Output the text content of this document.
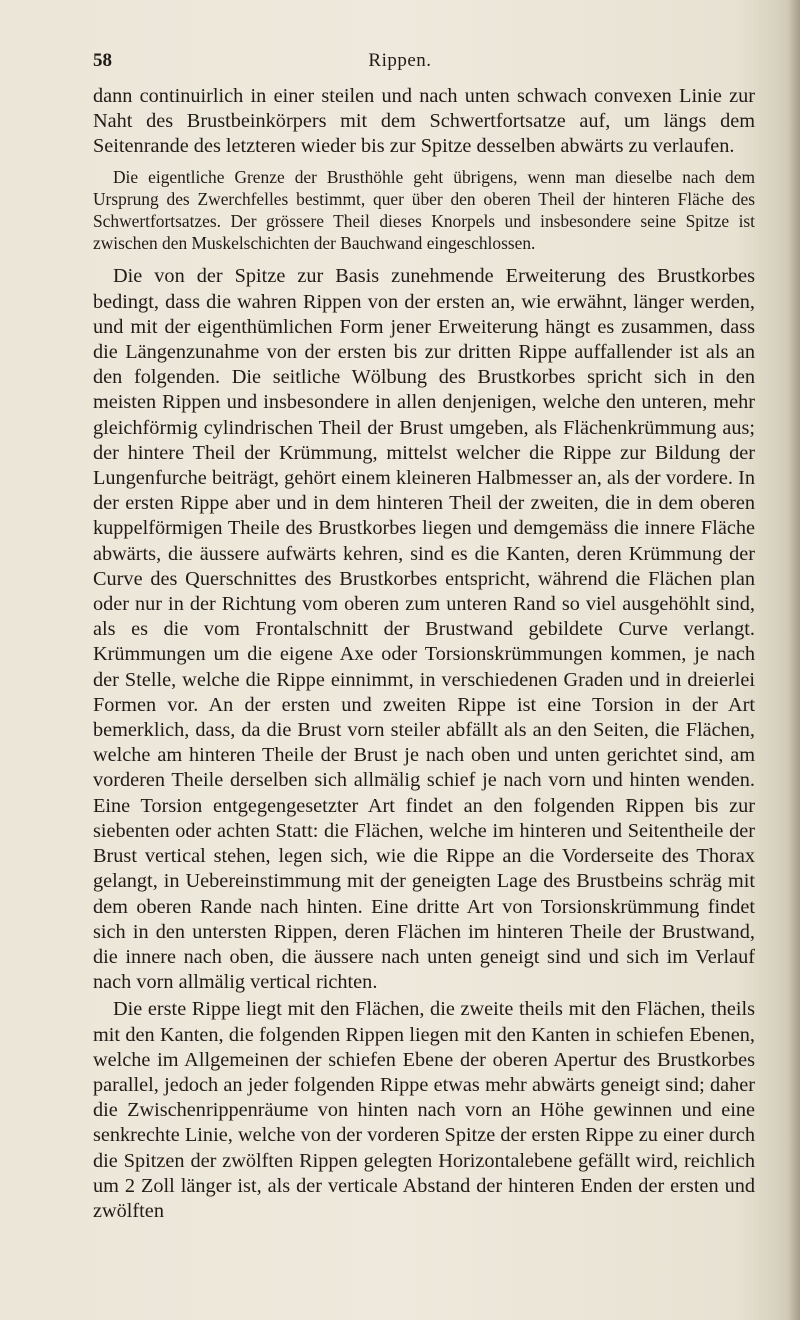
58	Rippen.

dann continuirlich in einer steilen und nach unten schwach convexen Linie zur Naht des Brustbeinkörpers mit dem Schwertfortsatze auf, um längs dem Seitenrande des letzteren wieder bis zur Spitze desselben abwärts zu verlaufen.

Die eigentliche Grenze der Brusthöhle geht übrigens, wenn man dieselbe nach dem Ursprung des Zwerchfelles bestimmt, quer über den oberen Theil der hinteren Fläche des Schwertfortsatzes. Der grössere Theil dieses Knorpels und insbesondere seine Spitze ist zwischen den Muskelschichten der Bauchwand eingeschlossen.

Die von der Spitze zur Basis zunehmende Erweiterung des Brustkorbes bedingt, dass die wahren Rippen von der ersten an, wie erwähnt, länger werden, und mit der eigenthümlichen Form jener Erweiterung hängt es zusammen, dass die Längenzunahme von der ersten bis zur dritten Rippe auffallender ist als an den folgenden. Die seitliche Wölbung des Brustkorbes spricht sich in den meisten Rippen und insbesondere in allen denjenigen, welche den unteren, mehr gleichförmig cylindrischen Theil der Brust umgeben, als Flächenkrümmung aus; der hintere Theil der Krümmung, mittelst welcher die Rippe zur Bildung der Lungenfurche beiträgt, gehört einem kleineren Halbmesser an, als der vordere. In der ersten Rippe aber und in dem hinteren Theil der zweiten, die in dem oberen kuppelförmigen Theile des Brustkorbes liegen und demgemäss die innere Fläche abwärts, die äussere aufwärts kehren, sind es die Kanten, deren Krümmung der Curve des Querschnittes des Brustkorbes entspricht, während die Flächen plan oder nur in der Richtung vom oberen zum unteren Rand so viel ausgehöhlt sind, als es die vom Frontalschnitt der Brustwand gebildete Curve verlangt. Krümmungen um die eigene Axe oder Torsionskrümmungen kommen, je nach der Stelle, welche die Rippe einnimmt, in verschiedenen Graden und in dreierlei Formen vor. An der ersten und zweiten Rippe ist eine Torsion in der Art bemerklich, dass, da die Brust vorn steiler abfällt als an den Seiten, die Flächen, welche am hinteren Theile der Brust je nach oben und unten gerichtet sind, am vorderen Theile derselben sich allmälig schief je nach vorn und hinten wenden. Eine Torsion entgegengesetzter Art findet an den folgenden Rippen bis zur siebenten oder achten Statt: die Flächen, welche im hinteren und Seitentheile der Brust vertical stehen, legen sich, wie die Rippe an die Vorderseite des Thorax gelangt, in Uebereinstimmung mit der geneigten Lage des Brustbeins schräg mit dem oberen Rande nach hinten. Eine dritte Art von Torsionskrümmung findet sich in den untersten Rippen, deren Flächen im hinteren Theile der Brustwand, die innere nach oben, die äussere nach unten geneigt sind und sich im Verlauf nach vorn allmälig vertical richten.

Die erste Rippe liegt mit den Flächen, die zweite theils mit den Flächen, theils mit den Kanten, die folgenden Rippen liegen mit den Kanten in schiefen Ebenen, welche im Allgemeinen der schiefen Ebene der oberen Apertur des Brustkorbes parallel, jedoch an jeder folgenden Rippe etwas mehr abwärts geneigt sind; daher die Zwischenrippenräume von hinten nach vorn an Höhe gewinnen und eine senkrechte Linie, welche von der vorderen Spitze der ersten Rippe zu einer durch die Spitzen der zwölften Rippen gelegten Horizontalebene gefällt wird, reichlich um 2 Zoll länger ist, als der verticale Abstand der hinteren Enden der ersten und zwölften
